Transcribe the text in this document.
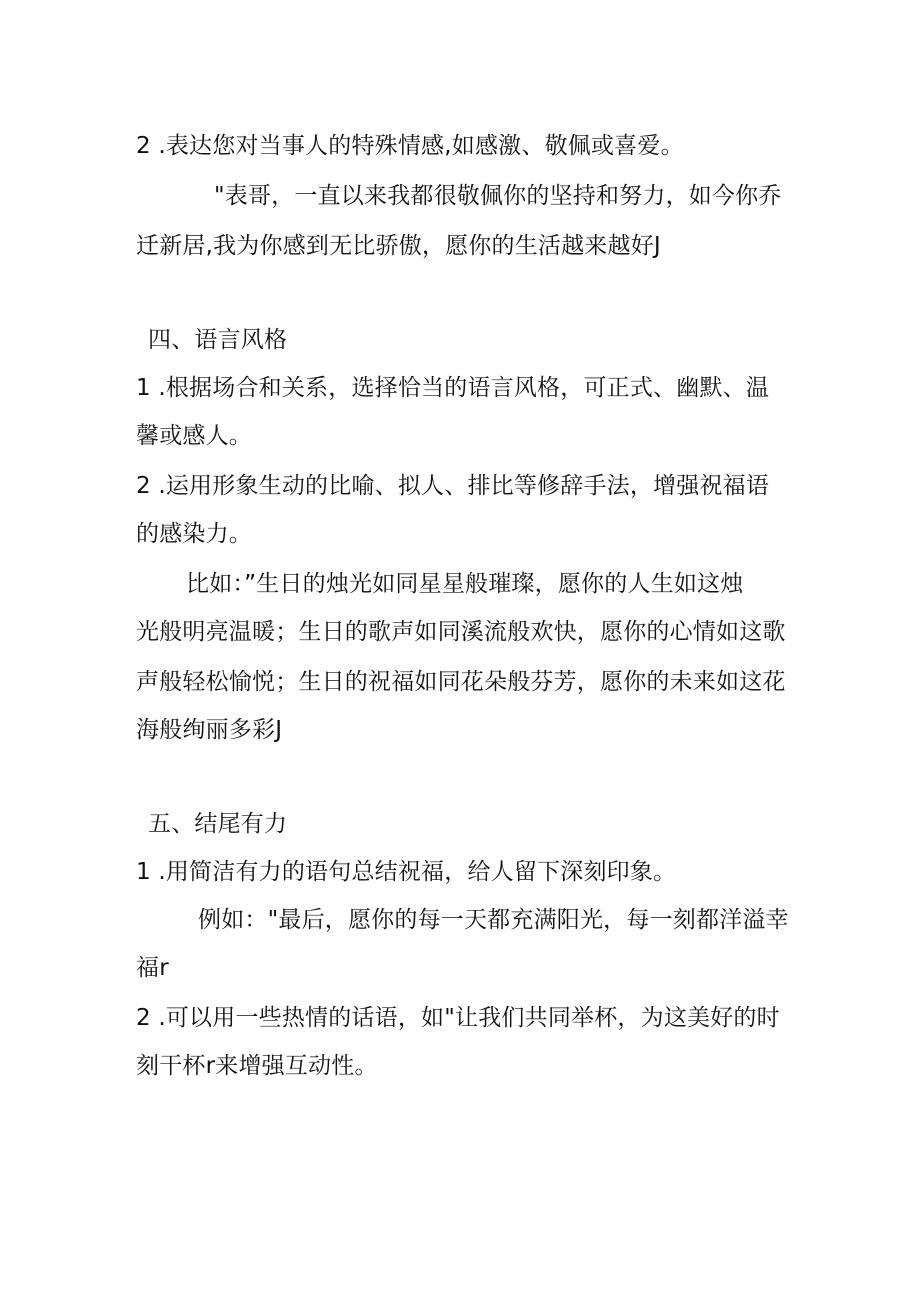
2 .表达您对当事人的特殊情感,如感激、敬佩或喜爱。
"表哥，一直以来我都很敬佩你的坚持和努力，如今你乔
迁新居,我为你感到无比骄傲，愿你的生活越来越好J
四、语言风格
1 .根据场合和关系，选择恰当的语言风格，可正式、幽默、温
馨或感人。
2 .运用形象生动的比喻、拟人、排比等修辞手法，增强祝福语
的感染力。
比如：”生日的烛光如同星星般璀璨，愿你的人生如这烛
光般明亮温暖；生日的歌声如同溪流般欢快，愿你的心情如这歌
声般轻松愉悦；生日的祝福如同花朵般芬芳，愿你的未来如这花
海般绚丽多彩J
五、结尾有力
1 .用简洁有力的语句总结祝福，给人留下深刻印象。
例如："最后，愿你的每一天都充满阳光，每一刻都洋溢幸
福r
2 .可以用一些热情的话语，如"让我们共同举杯，为这美好的时
刻干杯r来增强互动性。
